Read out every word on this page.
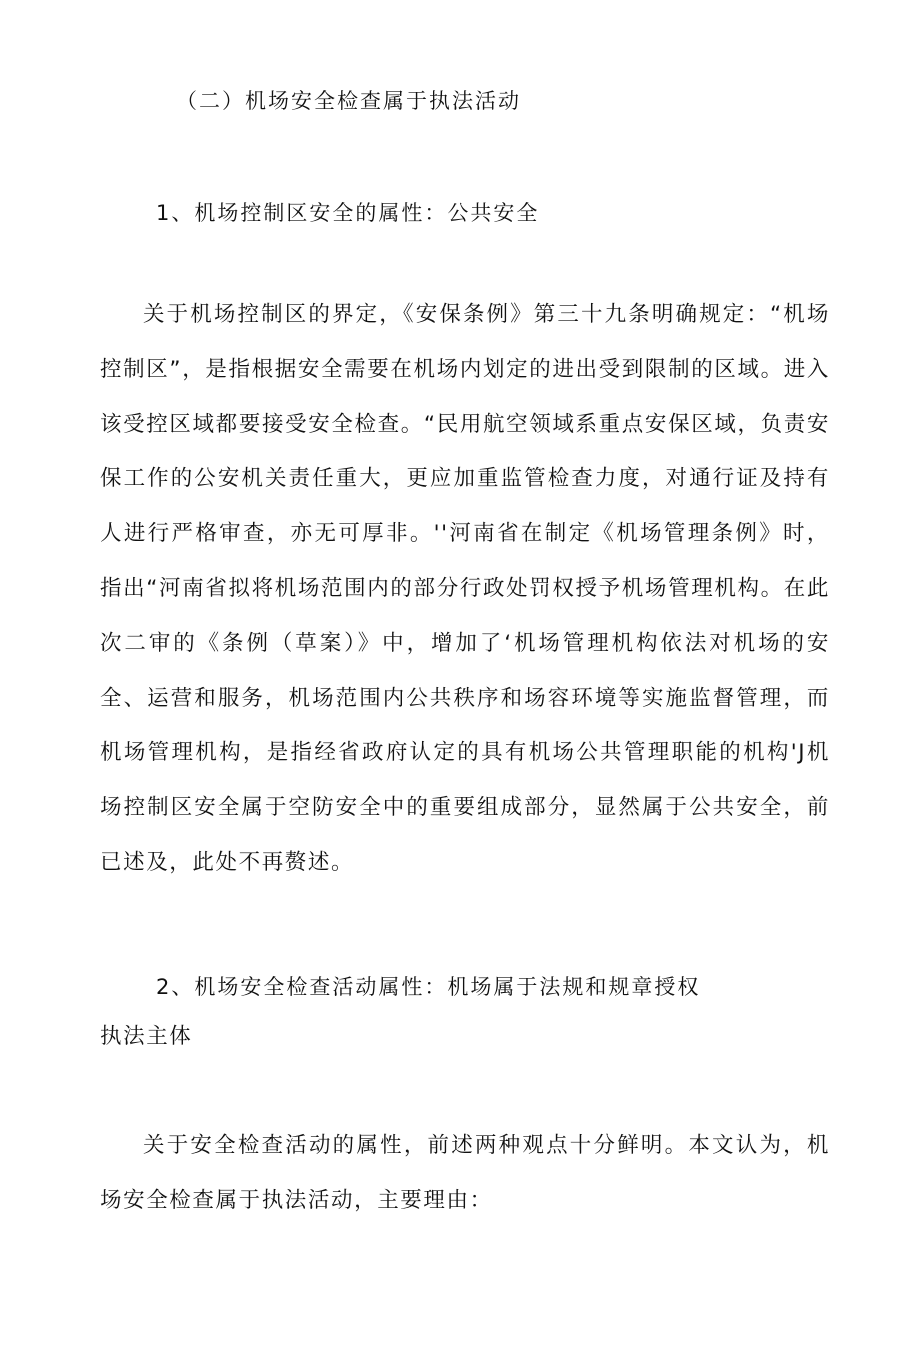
（二）机场安全检查属于执法活动
1、机场控制区安全的属性：公共安全
关于机场控制区的界定，《安保条例》第三十九条明确规定：“机场控制区”，是指根据安全需要在机场内划定的进出受到限制的区域。进入该受控区域都要接受安全检查。“民用航空领域系重点安保区域，负责安保工作的公安机关责任重大，更应加重监管检查力度，对通行证及持有人进行严格审查，亦无可厚非。''河南省在制定《机场管理条例》时，指出“河南省拟将机场范围内的部分行政处罚权授予机场管理机构。在此次二审的《条例（草案）》中，增加了‘机场管理机构依法对机场的安全、运营和服务，机场范围内公共秩序和场容环境等实施监督管理，而机场管理机构，是指经省政府认定的具有机场公共管理职能的机构'J机场控制区安全属于空防安全中的重要组成部分，显然属于公共安全，前已述及，此处不再赘述。
2、机场安全检查活动属性：机场属于法规和规章授权
执法主体
关于安全检查活动的属性，前述两种观点十分鲜明。本文认为，机场安全检查属于执法活动，主要理由：
